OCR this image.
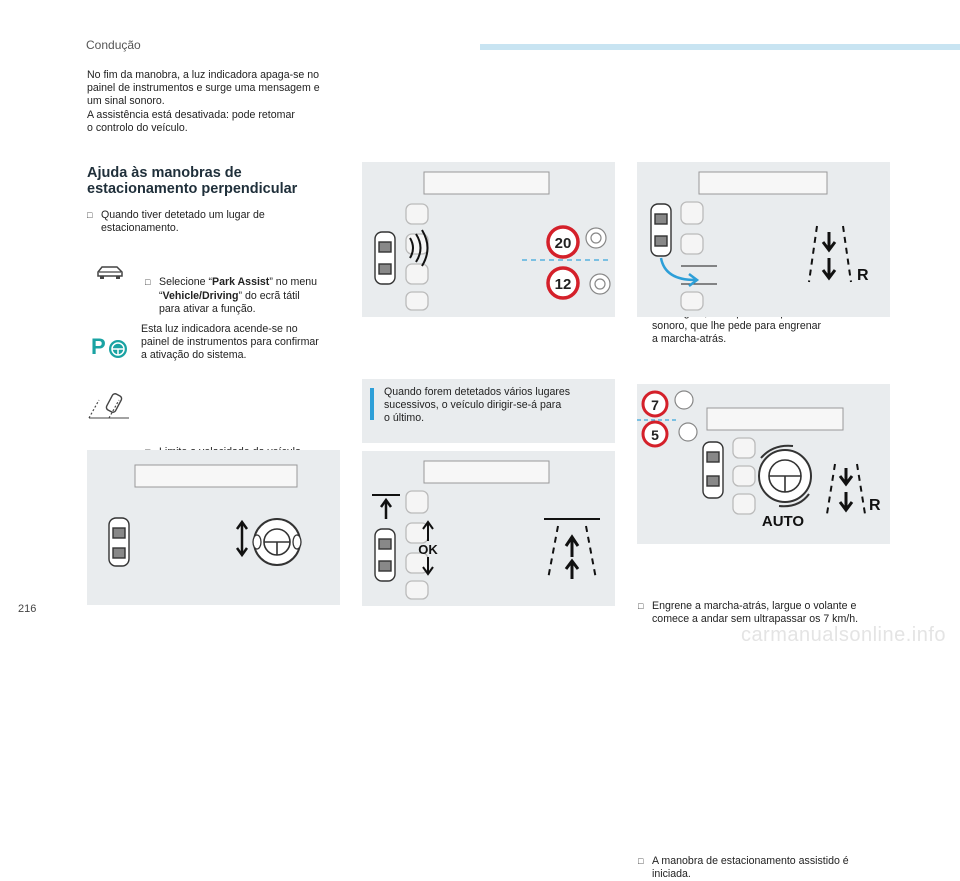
Condução
No fim da manobra, a luz indicadora apaga-se no
painel de instrumentos e surge uma mensagem e
um sinal sonoro.
A assistência está desativada: pode retomar
o controlo do veículo.
Ajuda às manobras de
estacionamento perpendicular
□ Quando tiver detetado um lugar de
estacionamento.
□ Selecione “Park Assist” no menu
“Vehicle/Driving” do ecrã tátil
para ativar a função.
P
Esta luz indicadora acende-se no
painel de instrumentos para confirmar
a ativação do sistema.
20
12
Quando forem detetados vários lugares
sucessivos, o veículo dirigir-se-á para
o último.
OK
sonoro, que lhe pede para engrenar
a marcha-atrás.
R
□ Engrene a marcha-atrás, largue o volante e
comece a andar sem ultrapassar os 7 km/h.
7
5
AUTO
R
□ A manobra de estacionamento assistido é
iniciada.
216
carmanualsonline.info
